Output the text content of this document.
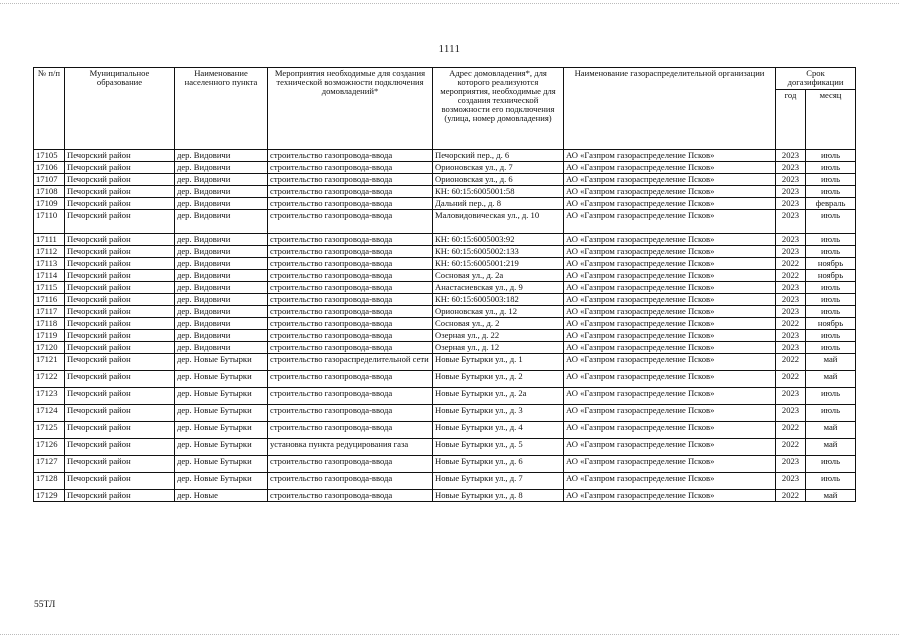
1111
№ п/п	Муниципальное образование	Наименование населенного пункта	Мероприятия необходимые для создания технической возможности подключения домовладений*	Адрес домовладения*, для которого реализуются мероприятия, необходимые для создания технической возможности его подключения (улица, номер домовладения)	Наименование газораспределительной организации	Срок догазификации	
						год	месяц
17105	Печорский район	дер. Видовичи	строительство газопровода-ввода	Печорский пер., д. 6	АО «Газпром газораспределение Псков»	2023	июль
17106	Печорский район	дер. Видовичи	строительство газопровода-ввода	Орионовская ул., д. 7	АО «Газпром газораспределение Псков»	2023	июль
17107	Печорский район	дер. Видовичи	строительство газопровода-ввода	Орионовская ул., д. 6	АО «Газпром газораспределение Псков»	2023	июль
17108	Печорский район	дер. Видовичи	строительство газопровода-ввода	КН: 60:15:6005001:58	АО «Газпром газораспределение Псков»	2023	июль
17109	Печорский район	дер. Видовичи	строительство газопровода-ввода	Дальний пер., д. 8	АО «Газпром газораспределение Псков»	2023	февраль
17110	Печорский район	дер. Видовичи	строительство газопровода-ввода	Маловидовическая ул., д. 10	АО «Газпром газораспределение Псков»	2023	июль
17111	Печорский район	дер. Видовичи	строительство газопровода-ввода	КН: 60:15:6005003:92	АО «Газпром газораспределение Псков»	2023	июль
17112	Печорский район	дер. Видовичи	строительство газопровода-ввода	КН: 60:15:6005002:133	АО «Газпром газораспределение Псков»	2023	июль
17113	Печорский район	дер. Видовичи	строительство газопровода-ввода	КН: 60:15:6005001:219	АО «Газпром газораспределение Псков»	2022	ноябрь
17114	Печорский район	дер. Видовичи	строительство газопровода-ввода	Сосновая ул., д. 2а	АО «Газпром газораспределение Псков»	2022	ноябрь
17115	Печорский район	дер. Видовичи	строительство газопровода-ввода	Анастасиевская ул., д. 9	АО «Газпром газораспределение Псков»	2023	июль
17116	Печорский район	дер. Видовичи	строительство газопровода-ввода	КН: 60:15:6005003:182	АО «Газпром газораспределение Псков»	2023	июль
17117	Печорский район	дер. Видовичи	строительство газопровода-ввода	Орионовская ул., д. 12	АО «Газпром газораспределение Псков»	2023	июль
17118	Печорский район	дер. Видовичи	строительство газопровода-ввода	Сосновая ул., д. 2	АО «Газпром газораспределение Псков»	2022	ноябрь
17119	Печорский район	дер. Видовичи	строительство газопровода-ввода	Озерная ул., д. 22	АО «Газпром газораспределение Псков»	2023	июль
17120	Печорский район	дер. Видовичи	строительство газопровода-ввода	Озерная ул., д. 12	АО «Газпром газораспределение Псков»	2023	июль
17121	Печорский район	дер. Новые Бутырки	строительство газораспределительной сети	Новые Бутырки ул., д. 1	АО «Газпром газораспределение Псков»	2022	май
17122	Печорский район	дер. Новые Бутырки	строительство газопровода-ввода	Новые Бутырки ул., д. 2	АО «Газпром газораспределение Псков»	2022	май
17123	Печорский район	дер. Новые Бутырки	строительство газопровода-ввода	Новые Бутырки ул., д. 2а	АО «Газпром газораспределение Псков»	2023	июль
17124	Печорский район	дер. Новые Бутырки	строительство газопровода-ввода	Новые Бутырки ул., д. 3	АО «Газпром газораспределение Псков»	2023	июль
17125	Печорский район	дер. Новые Бутырки	строительство газопровода-ввода	Новые Бутырки ул., д. 4	АО «Газпром газораспределение Псков»	2022	май
17126	Печорский район	дер. Новые Бутырки	установка пункта редуцирования газа	Новые Бутырки ул., д. 5	АО «Газпром газораспределение Псков»	2022	май
17127	Печорский район	дер. Новые Бутырки	строительство газопровода-ввода	Новые Бутырки ул., д. 6	АО «Газпром газораспределение Псков»	2023	июль
17128	Печорский район	дер. Новые Бутырки	строительство газопровода-ввода	Новые Бутырки ул., д. 7	АО «Газпром газораспределение Псков»	2023	июль
17129	Печорский район	дер. Новые	строительство газопровода-ввода	Новые Бутырки ул., д. 8	АО «Газпром газораспределение Псков»	2022	май
55ТЛ
